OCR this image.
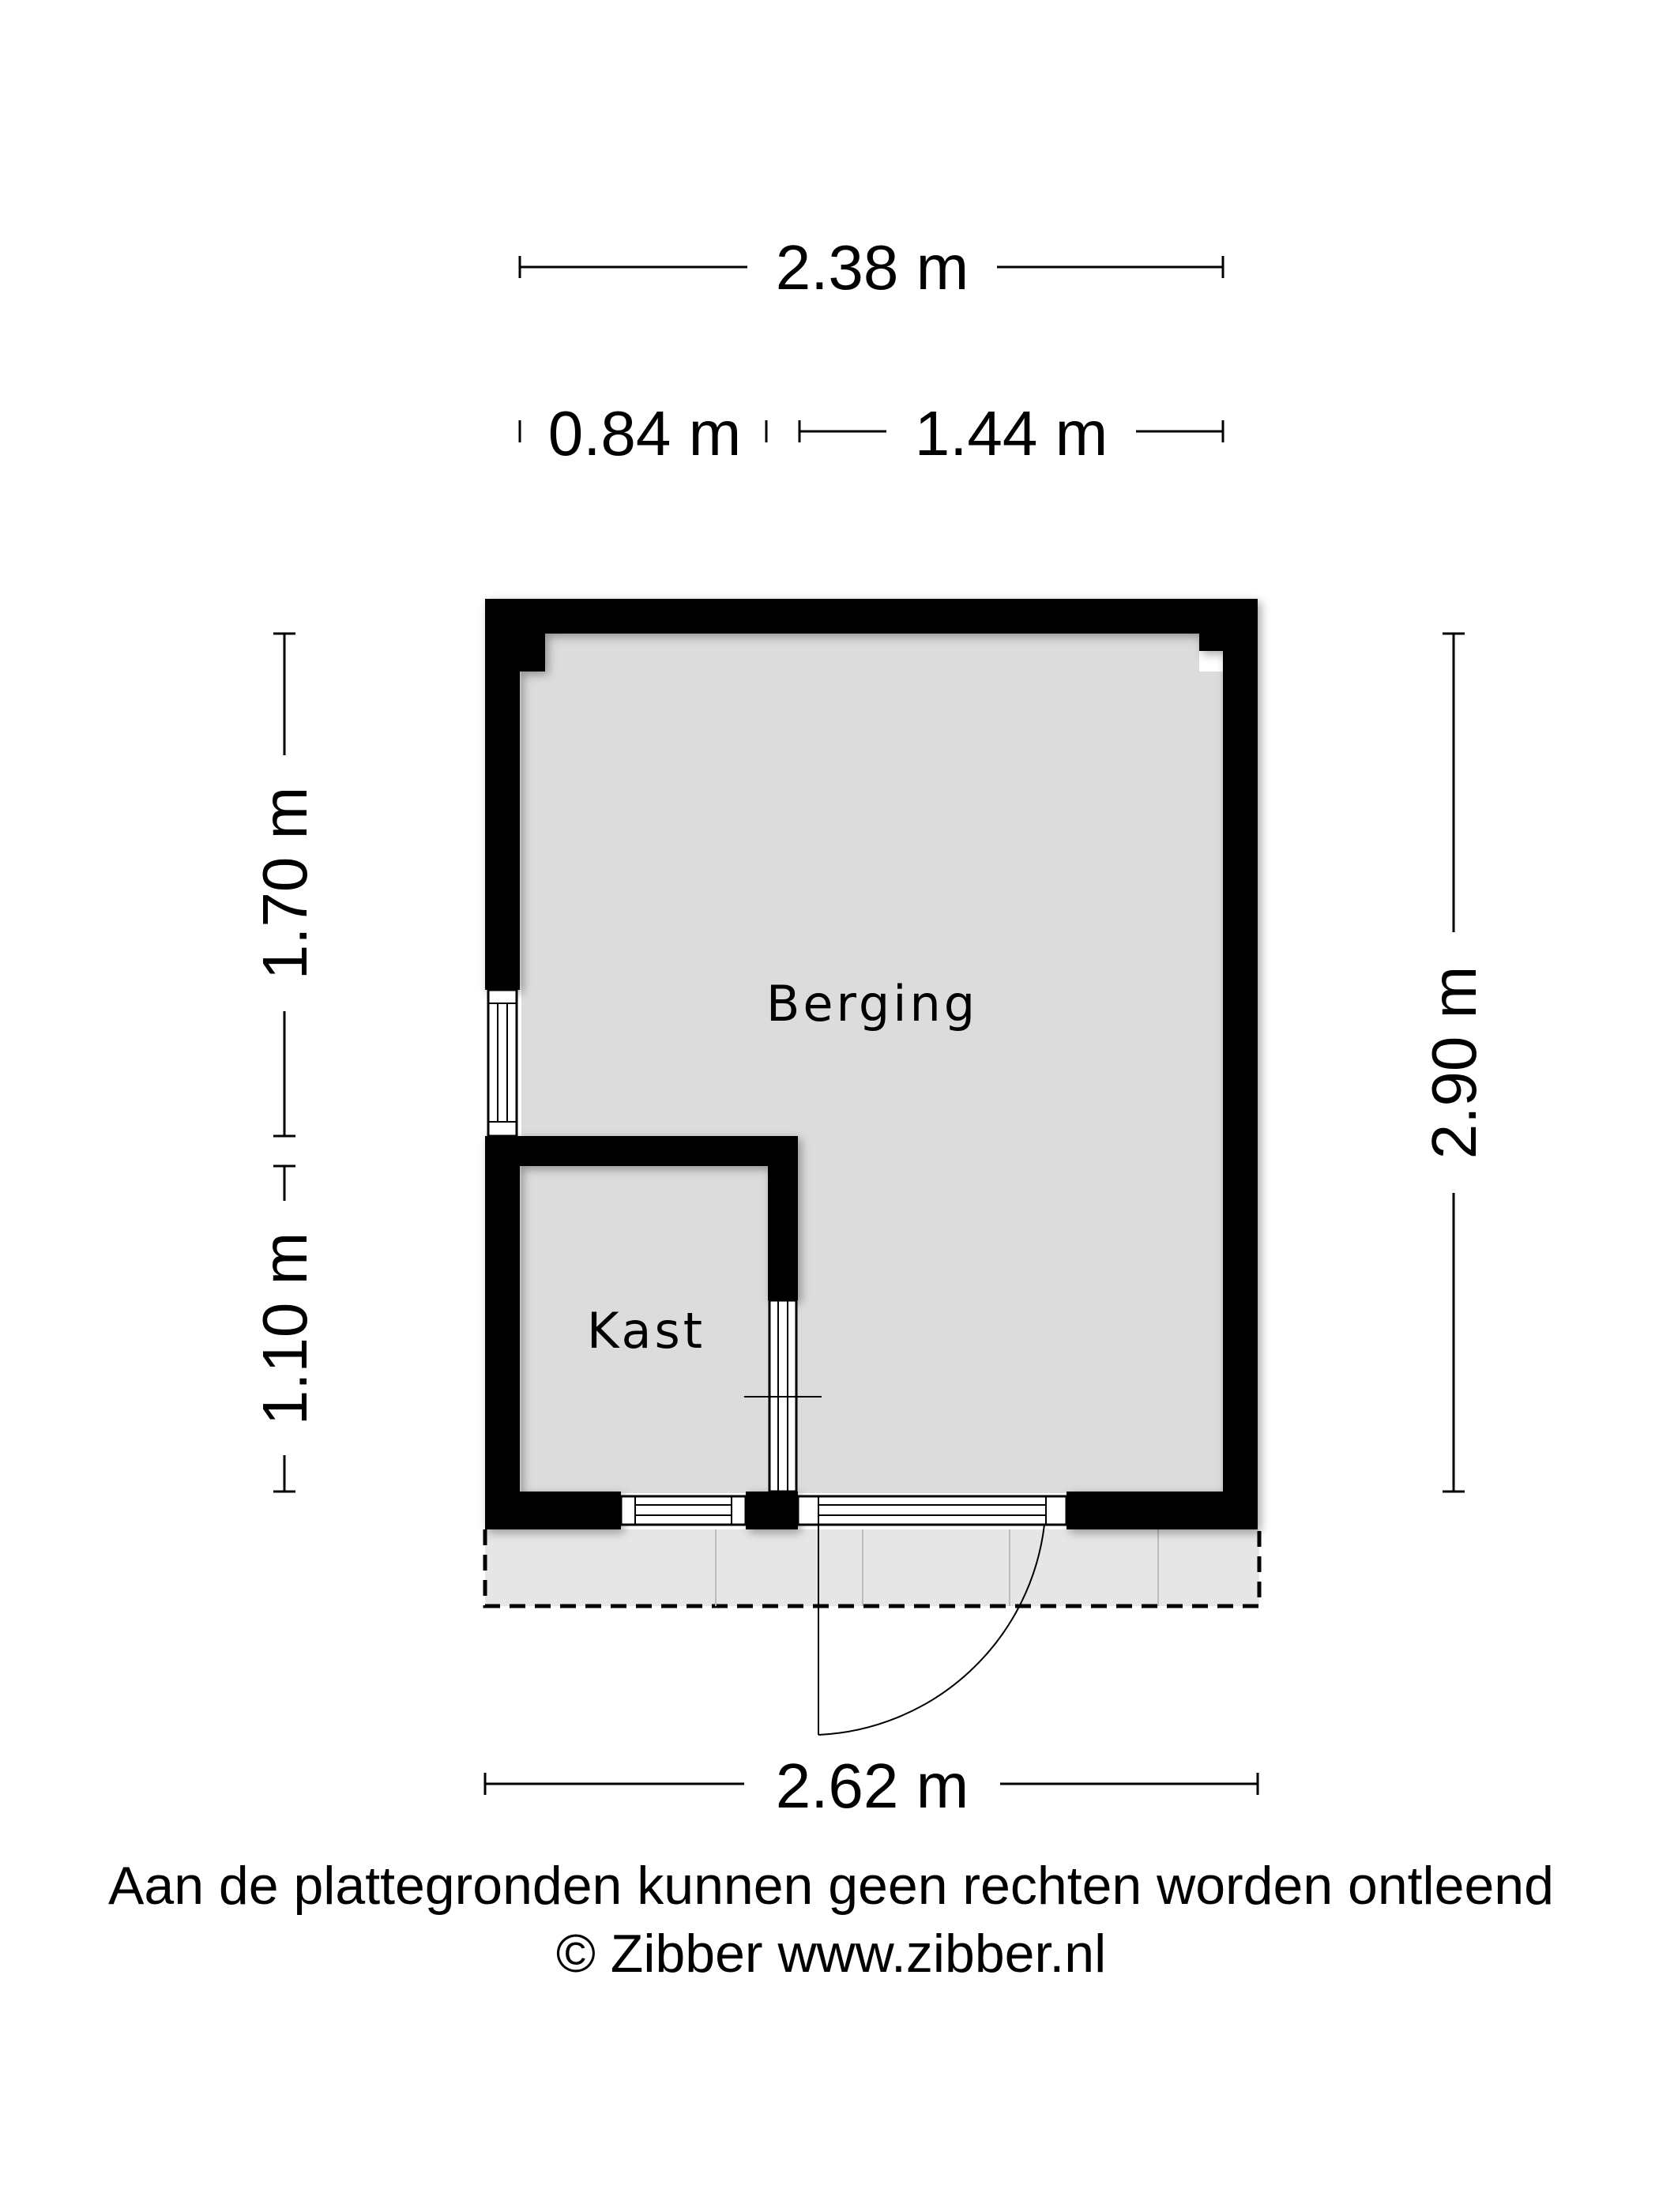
2.38 m
0.84 m	1.44 m
1.70 m
1.10 m
2.90 m
2.62 m
Berging
Kast
Aan de plattegronden kunnen geen rechten worden ontleend
© Zibber www.zibber.nl
